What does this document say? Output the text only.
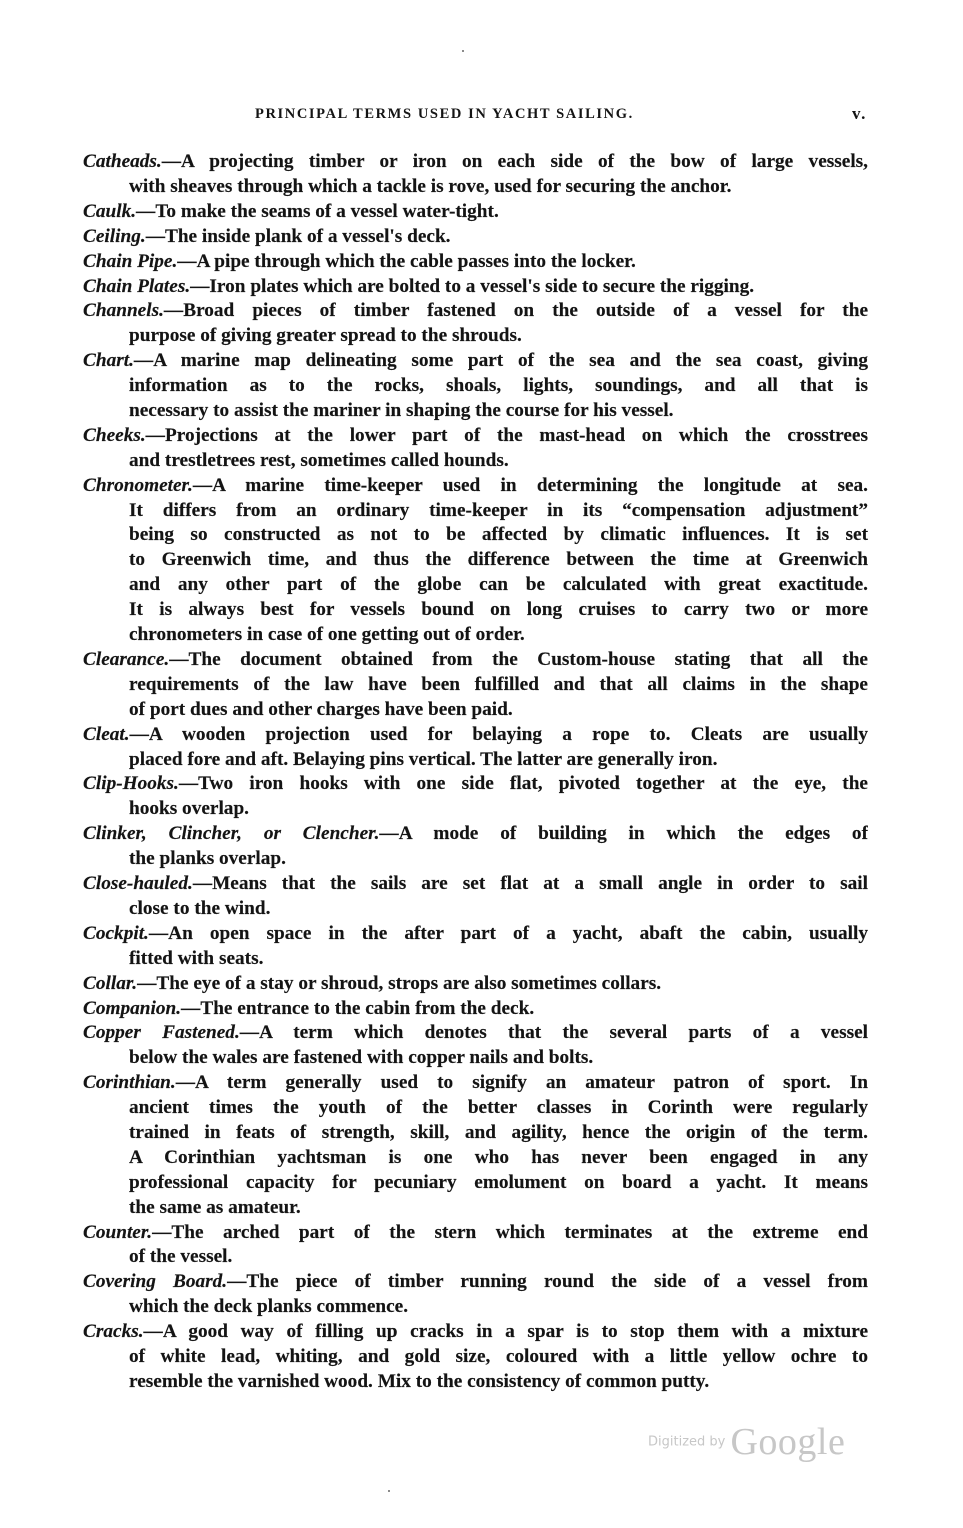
PRINCIPAL TERMS USED IN YACHT SAILING.	v.
Catheads.—A projecting timber or iron on each side of the bow of large vessels,
with sheaves through which a tackle is rove, used for securing the anchor.
Caulk.—To make the seams of a vessel water-tight.
Ceiling.—The inside plank of a vessel's deck.
Chain Pipe.—A pipe through which the cable passes into the locker.
Chain Plates.—Iron plates which are bolted to a vessel's side to secure the rigging.
Channels.—Broad pieces of timber fastened on the outside of a vessel for the
purpose of giving greater spread to the shrouds.
Chart.—A marine map delineating some part of the sea and the sea coast, giving
information as to the rocks, shoals, lights, soundings, and all that is
necessary to assist the mariner in shaping the course for his vessel.
Cheeks.—Projections at the lower part of the mast-head on which the crosstrees
and trestletrees rest, sometimes called hounds.
Chronometer.—A marine time-keeper used in determining the longitude at sea.
It differs from an ordinary time-keeper in its “compensation adjustment”
being so constructed as not to be affected by climatic influences. It is set
to Greenwich time, and thus the difference between the time at Greenwich
and any other part of the globe can be calculated with great exactitude.
It is always best for vessels bound on long cruises to carry two or more
chronometers in case of one getting out of order.
Clearance.—The document obtained from the Custom-house stating that all the
requirements of the law have been fulfilled and that all claims in the shape
of port dues and other charges have been paid.
Cleat.—A wooden projection used for belaying a rope to. Cleats are usually
placed fore and aft. Belaying pins vertical. The latter are generally iron.
Clip-Hooks.—Two iron hooks with one side flat, pivoted together at the eye, the
hooks overlap.
Clinker, Clincher, or Clencher.—A mode of building in which the edges of
the planks overlap.
Close-hauled.—Means that the sails are set flat at a small angle in order to sail
close to the wind.
Cockpit.—An open space in the after part of a yacht, abaft the cabin, usually
fitted with seats.
Collar.—The eye of a stay or shroud, strops are also sometimes collars.
Companion.—The entrance to the cabin from the deck.
Copper Fastened.—A term which denotes that the several parts of a vessel
below the wales are fastened with copper nails and bolts.
Corinthian.—A term generally used to signify an amateur patron of sport. In
ancient times the youth of the better classes in Corinth were regularly
trained in feats of strength, skill, and agility, hence the origin of the term.
A Corinthian yachtsman is one who has never been engaged in any
professional capacity for pecuniary emolument on board a yacht. It means
the same as amateur.
Counter.—The arched part of the stern which terminates at the extreme end
of the vessel.
Covering Board.—The piece of timber running round the side of a vessel from
which the deck planks commence.
Cracks.—A good way of filling up cracks in a spar is to stop them with a mixture
of white lead, whiting, and gold size, coloured with a little yellow ochre to
resemble the varnished wood. Mix to the consistency of common putty.
Digitized by Google
